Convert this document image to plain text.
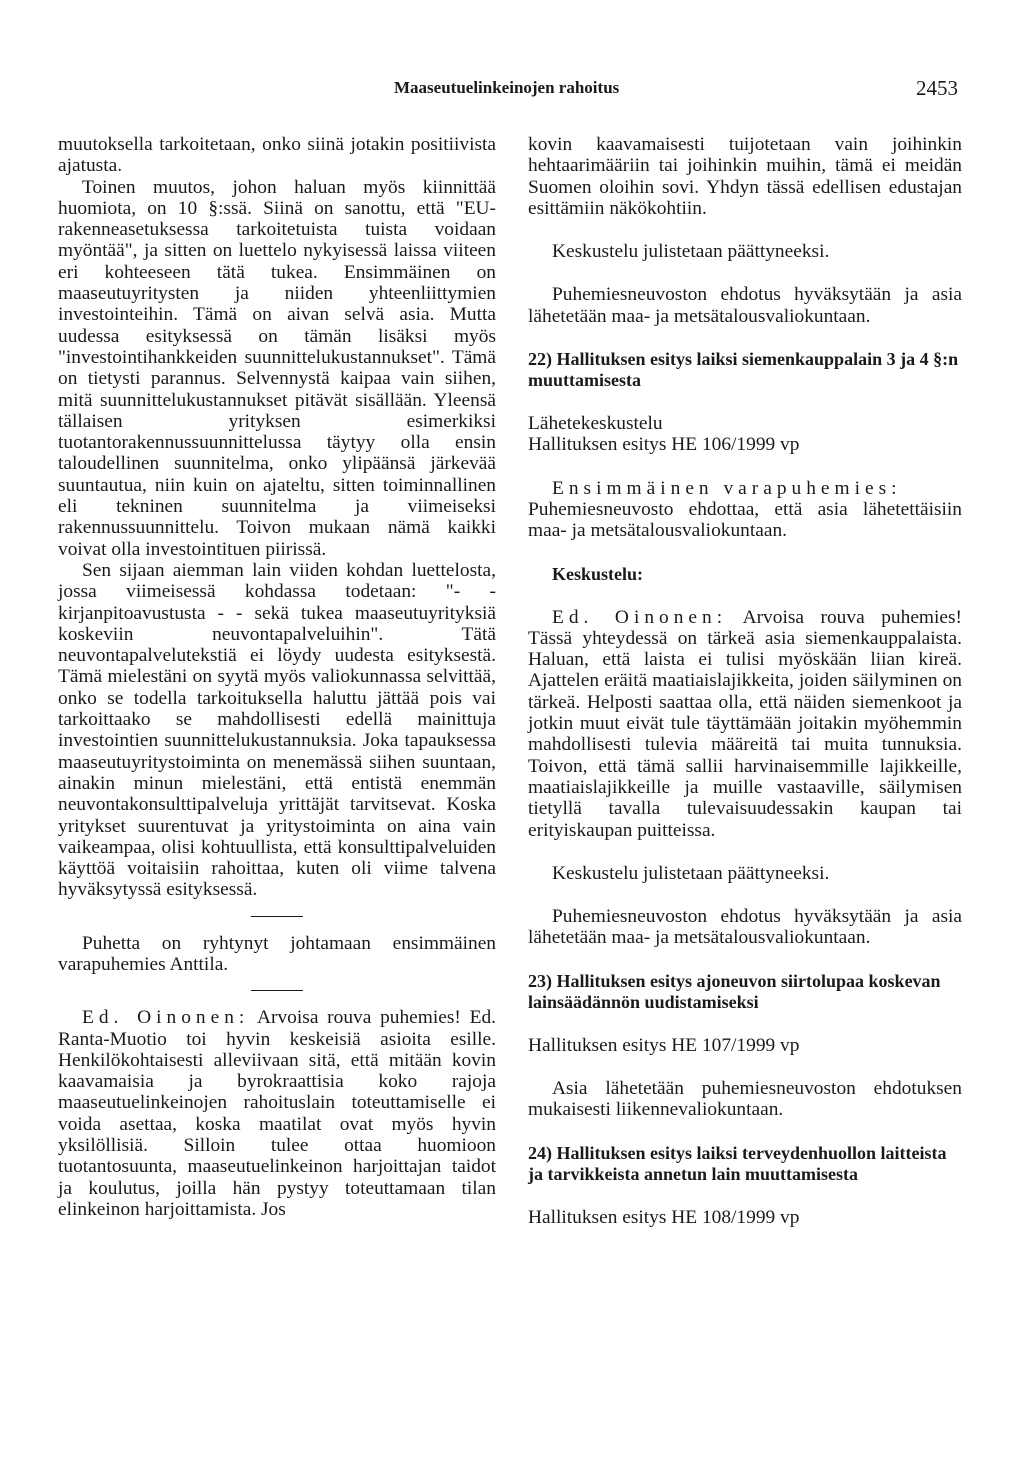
Maaseutuelinkeinojen rahoitus	2453

muutoksella tarkoitetaan, onko siinä jotakin positiivista ajatusta.

Toinen muutos, johon haluan myös kiinnittää huomiota, on 10 §:ssä. Siinä on sanottu, että "EU-rakenneasetuksessa tarkoitetuista tuista voidaan myöntää", ja sitten on luettelo nykyisessä laissa viiteen eri kohteeseen tätä tukea. Ensimmäinen on maaseutuyritysten ja niiden yhteenliittymien investointeihin. Tämä on aivan selvä asia. Mutta uudessa esityksessä on tämän lisäksi myös "investointihankkeiden suunnittelukustannukset". Tämä on tietysti parannus. Selvennystä kaipaa vain siihen, mitä suunnittelukustannukset pitävät sisällään. Yleensä tällaisen yrityksen esimerkiksi tuotantorakennussuunnittelussa täytyy olla ensin taloudellinen suunnitelma, onko ylipäänsä järkevää suuntautua, niin kuin on ajateltu, sitten toiminnallinen eli tekninen suunnitelma ja viimeiseksi rakennussuunnittelu. Toivon mukaan nämä kaikki voivat olla investointituen piirissä.

Sen sijaan aiemman lain viiden kohdan luettelosta, jossa viimeisessä kohdassa todetaan: "- - kirjanpitoavustusta - - sekä tukea maaseutuyrityksiä koskeviin neuvontapalveluihin". Tätä neuvontapalvelutekstiä ei löydy uudesta esityksestä. Tämä mielestäni on syytä myös valiokunnassa selvittää, onko se todella tarkoituksella haluttu jättää pois vai tarkoittaako se mahdollisesti edellä mainittuja investointien suunnittelukustannuksia. Joka tapauksessa maaseutuyritystoiminta on menemässä siihen suuntaan, ainakin minun mielestäni, että entistä enemmän neuvontakonsulttipalveluja yrittäjät tarvitsevat. Koska yritykset suurentuvat ja yritystoiminta on aina vain vaikeampaa, olisi kohtuullista, että konsulttipalveluiden käyttöä voitaisiin rahoittaa, kuten oli viime talvena hyväksytyssä esityksessä.

Puhetta on ryhtynyt johtamaan ensimmäinen varapuhemies Anttila.

Ed. Oinonen: Arvoisa rouva puhemies! Ed. Ranta-Muotio toi hyvin keskeisiä asioita esille. Henkilökohtaisesti alleviivaan sitä, että mitään kovin kaavamaisia ja byrokraattisia koko rajoja maaseutuelinkeinojen rahoituslain toteuttamiselle ei voida asettaa, koska maatilat ovat myös hyvin yksilöllisiä. Silloin tulee ottaa huomioon tuotantosuunta, maaseutuelinkeinon harjoittajan taidot ja koulutus, joilla hän pystyy toteuttamaan tilan elinkeinon harjoittamista. Jos

kovin kaavamaisesti tuijotetaan vain joihinkin hehtaarimääriin tai joihinkin muihin, tämä ei meidän Suomen oloihin sovi. Yhdyn tässä edellisen edustajan esittämiin näkökohtiin.

Keskustelu julistetaan päättyneeksi.

Puhemiesneuvoston ehdotus hyväksytään ja asia lähetetään maa- ja metsätalousvaliokuntaan.

22) Hallituksen esitys laiksi siemenkauppalain 3 ja 4 §:n muuttamisesta

Lähetekeskustelu

Hallituksen esitys HE 106/1999 vp

Ensimmäinen varapuhemies:
Puhemiesneuvosto ehdottaa, että asia lähetettäisiin maa- ja metsätalousvaliokuntaan.

Keskustelu:

Ed. Oinonen: Arvoisa rouva puhemies! Tässä yhteydessä on tärkeä asia siemenkauppalaista. Haluan, että laista ei tulisi myöskään liian kireä. Ajattelen eräitä maatiaislajikkeita, joiden säilyminen on tärkeä. Helposti saattaa olla, että näiden siemenkoot ja jotkin muut eivät tule täyttämään joitakin myöhemmin mahdollisesti tulevia määreitä tai muita tunnuksia. Toivon, että tämä sallii harvinaisemmille lajikkeille, maatiaislajikkeille ja muille vastaaville, säilymisen tietyllä tavalla tulevaisuudessakin kaupan tai erityiskaupan puitteissa.

Keskustelu julistetaan päättyneeksi.

Puhemiesneuvoston ehdotus hyväksytään ja asia lähetetään maa- ja metsätalousvaliokuntaan.

23) Hallituksen esitys ajoneuvon siirtolupaa koskevan lainsäädännön uudistamiseksi

Hallituksen esitys HE 107/1999 vp

Asia lähetetään puhemiesneuvoston ehdotuksen mukaisesti liikennevaliokuntaan.

24) Hallituksen esitys laiksi terveydenhuollon laitteista ja tarvikkeista annetun lain muuttamisesta

Hallituksen esitys HE 108/1999 vp
